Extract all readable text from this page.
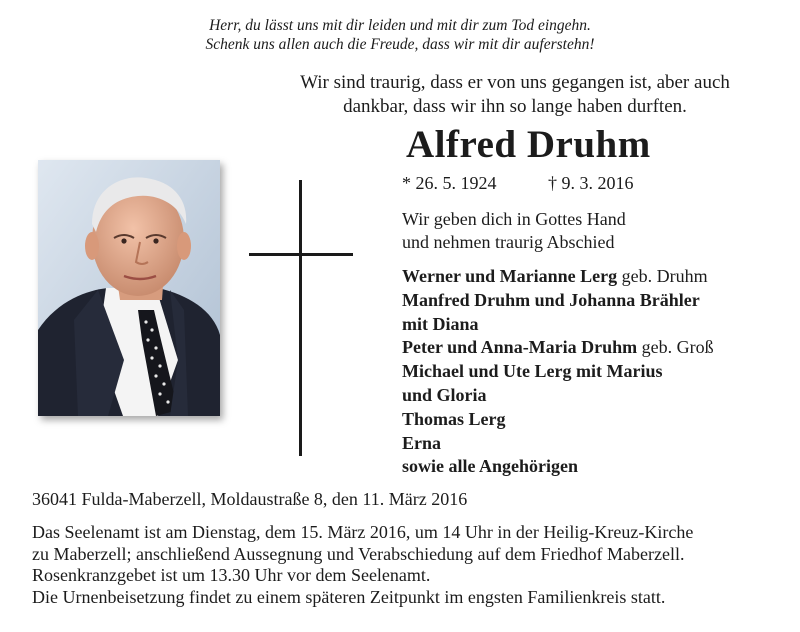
Herr, du lässt uns mit dir leiden und mit dir zum Tod eingehn.
Schenk uns allen auch die Freude, dass wir mit dir auferstehn!
Wir sind traurig, dass er von uns gegangen ist, aber auch
dankbar, dass wir ihn so lange haben durften.
Alfred Druhm
* 26. 5. 1924	† 9. 3. 2016
Wir geben dich in Gottes Hand
und nehmen traurig Abschied
Werner und Marianne Lerg geb. Druhm
Manfred Druhm und Johanna Brähler
mit Diana
Peter und Anna-Maria Druhm geb. Groß
Michael und Ute Lerg mit Marius
und Gloria
Thomas Lerg
Erna
sowie alle Angehörigen
36041 Fulda-Maberzell, Moldaustraße 8, den 11. März 2016
Das Seelenamt ist am Dienstag, dem 15. März 2016, um 14 Uhr in der Heilig-Kreuz-Kirche
zu Maberzell; anschließend Aussegnung und Verabschiedung auf dem Friedhof Maberzell.
Rosenkranzgebet ist um 13.30 Uhr vor dem Seelenamt.
Die Urnenbeisetzung findet zu einem späteren Zeitpunkt im engsten Familienkreis statt.
